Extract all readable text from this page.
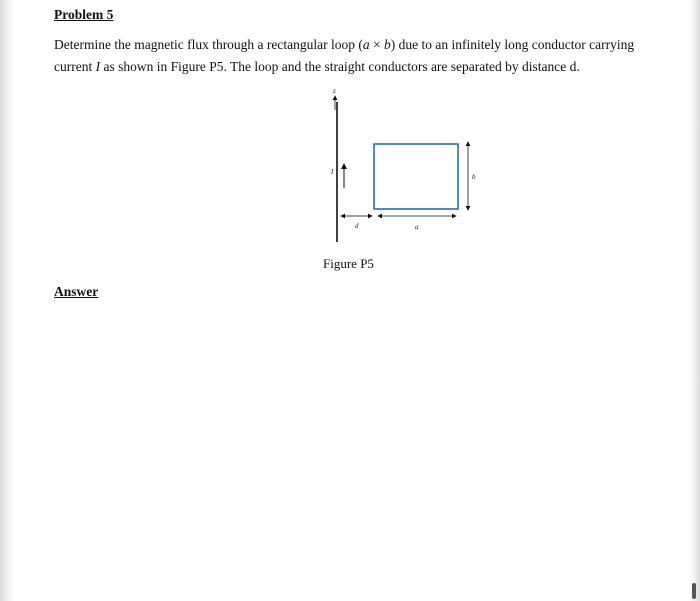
Problem 5
Determine the magnetic flux through a rectangular loop (a × b) due to an infinitely long conductor carrying current I as shown in Figure P5. The loop and the straight conductors are separated by distance d.
z
I
b
d	a
Figure P5
Answer
